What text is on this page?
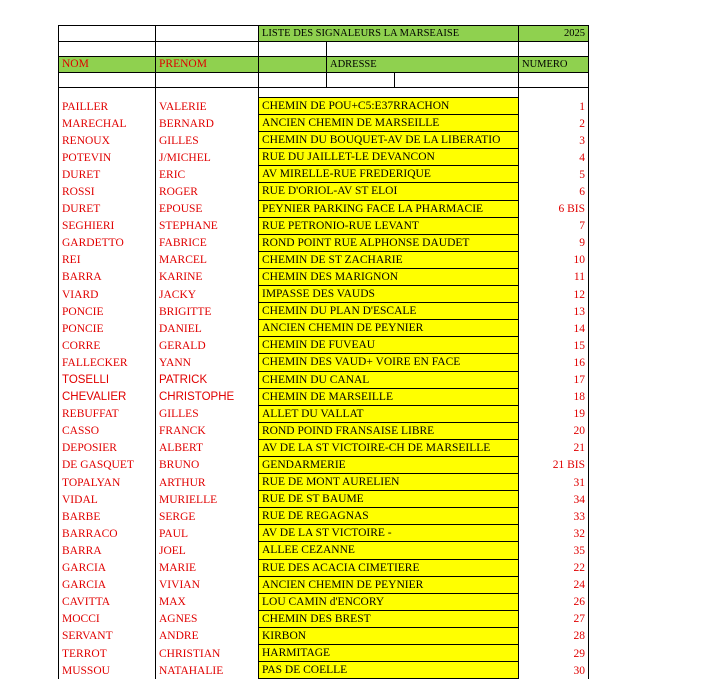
		LISTE DES SIGNALEURS LA MARSEAISE			2025

NOM	PRENOM		ADRESSE		NUMERO

PAILLER	VALERIE	CHEMIN DE POU+C5:E37RRACHON			1
MARECHAL	BERNARD	ANCIEN CHEMIN DE MARSEILLE			2
RENOUX	GILLES	CHEMIN DU BOUQUET-AV DE LA LIBERATIO			3
POTEVIN	J/MICHEL	RUE DU JAILLET-LE DEVANCON			4
DURET	ERIC	AV MIRELLE-RUE FREDERIQUE			5
ROSSI	ROGER	RUE D'ORIOL-AV ST ELOI			6
DURET	EPOUSE	PEYNIER PARKING FACE LA PHARMACIE			6 BIS
SEGHIERI	STEPHANE	RUE PETRONIO-RUE LEVANT			7
GARDETTO	FABRICE	ROND POINT RUE ALPHONSE DAUDET			9
REI	MARCEL	CHEMIN DE ST ZACHARIE			10
BARRA	KARINE	CHEMIN DES MARIGNON			11
VIARD	JACKY	IMPASSE DES VAUDS			12
PONCIE	BRIGITTE	CHEMIN DU PLAN D'ESCALE			13
PONCIE	DANIEL	ANCIEN CHEMIN DE PEYNIER			14
CORRE	GERALD	CHEMIN DE FUVEAU			15
FALLECKER	YANN	CHEMIN DES VAUD+ VOIRE EN FACE			16
TOSELLI	PATRICK	CHEMIN DU CANAL			17
CHEVALIER	CHRISTOPHE	CHEMIN DE MARSEILLE			18
REBUFFAT	GILLES	ALLET DU VALLAT			19
CASSO	FRANCK	ROND POIND FRANSAISE LIBRE			20
DEPOSIER	ALBERT	AV DE LA ST VICTOIRE-CH DE MARSEILLE			21
DE GASQUET	BRUNO	GENDARMERIE			21 BIS
TOPALYAN	ARTHUR	RUE DE MONT AURELIEN			31
VIDAL	MURIELLE	RUE DE ST BAUME			34
BARBE	SERGE	RUE DE REGAGNAS			33
BARRACO	PAUL	AV DE LA ST VICTOIRE -			32
BARRA	JOEL	ALLEE CEZANNE			35
GARCIA	MARIE	RUE DES ACACIA CIMETIERE			22
GARCIA	VIVIAN	ANCIEN CHEMIN DE PEYNIER			24
CAVITTA	MAX	LOU CAMIN d'ENCORY			26
MOCCI	AGNES	CHEMIN DES BREST			27
SERVANT	ANDRE	KIRBON			28
TERROT	CHRISTIAN	HARMITAGE			29
MUSSOU	NATAHALIE	PAS DE COELLE			30
